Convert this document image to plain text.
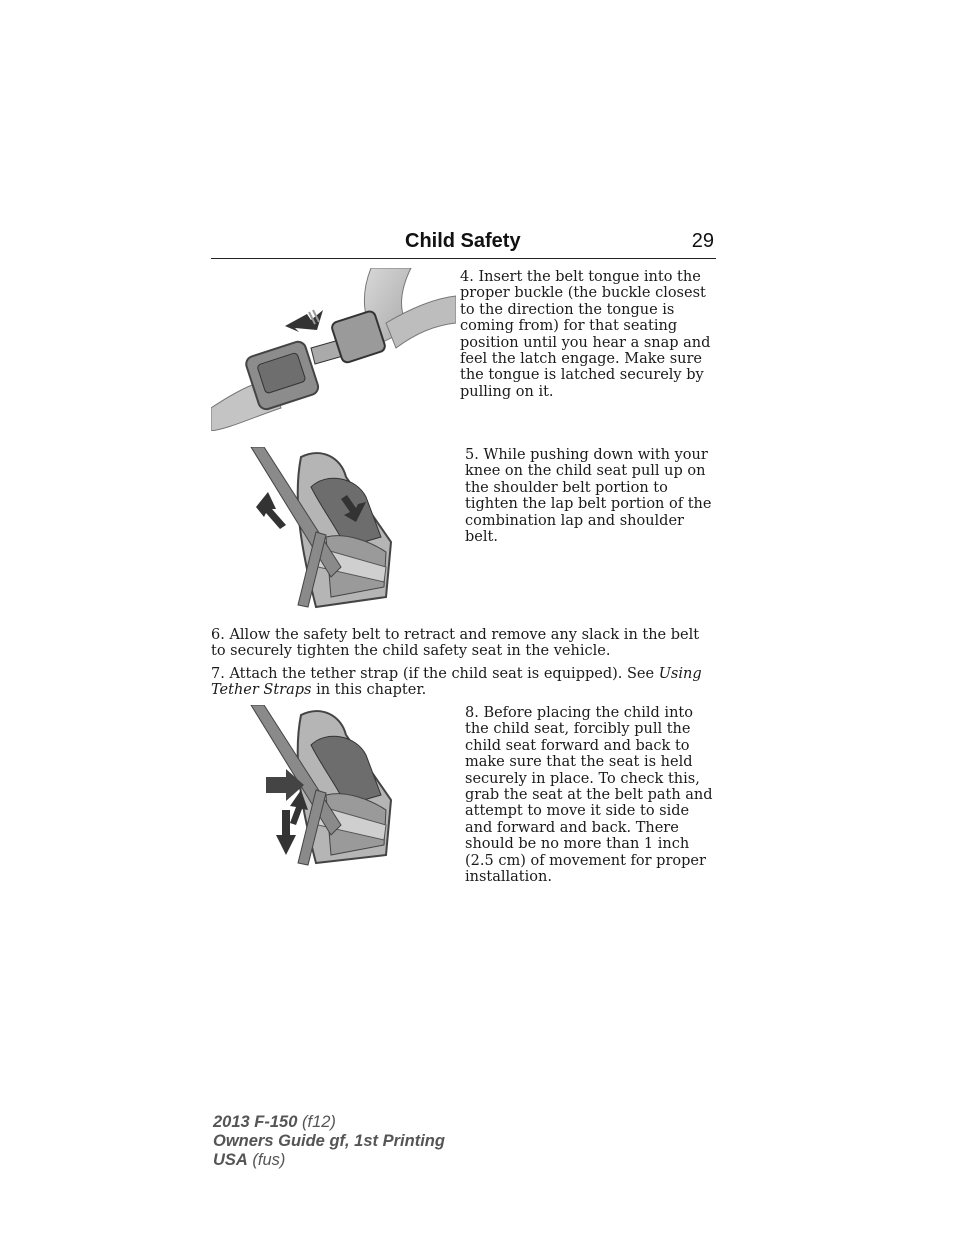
Child Safety	29

4. Insert the belt tongue into the proper buckle (the buckle closest to the direction the tongue is coming from) for that seating position until you hear a snap and feel the latch engage. Make sure the tongue is latched securely by pulling on it.

5. While pushing down with your knee on the child seat pull up on the shoulder belt portion to tighten the lap belt portion of the combination lap and shoulder belt.

6. Allow the safety belt to retract and remove any slack in the belt to securely tighten the child safety seat in the vehicle.

7. Attach the tether strap (if the child seat is equipped). See Using Tether Straps in this chapter.

8. Before placing the child into the child seat, forcibly pull the child seat forward and back to make sure that the seat is held securely in place. To check this, grab the seat at the belt path and attempt to move it side to side and forward and back. There should be no more than 1 inch (2.5 cm) of movement for proper installation.

2013 F-150 (f12)
Owners Guide gf, 1st Printing
USA (fus)
